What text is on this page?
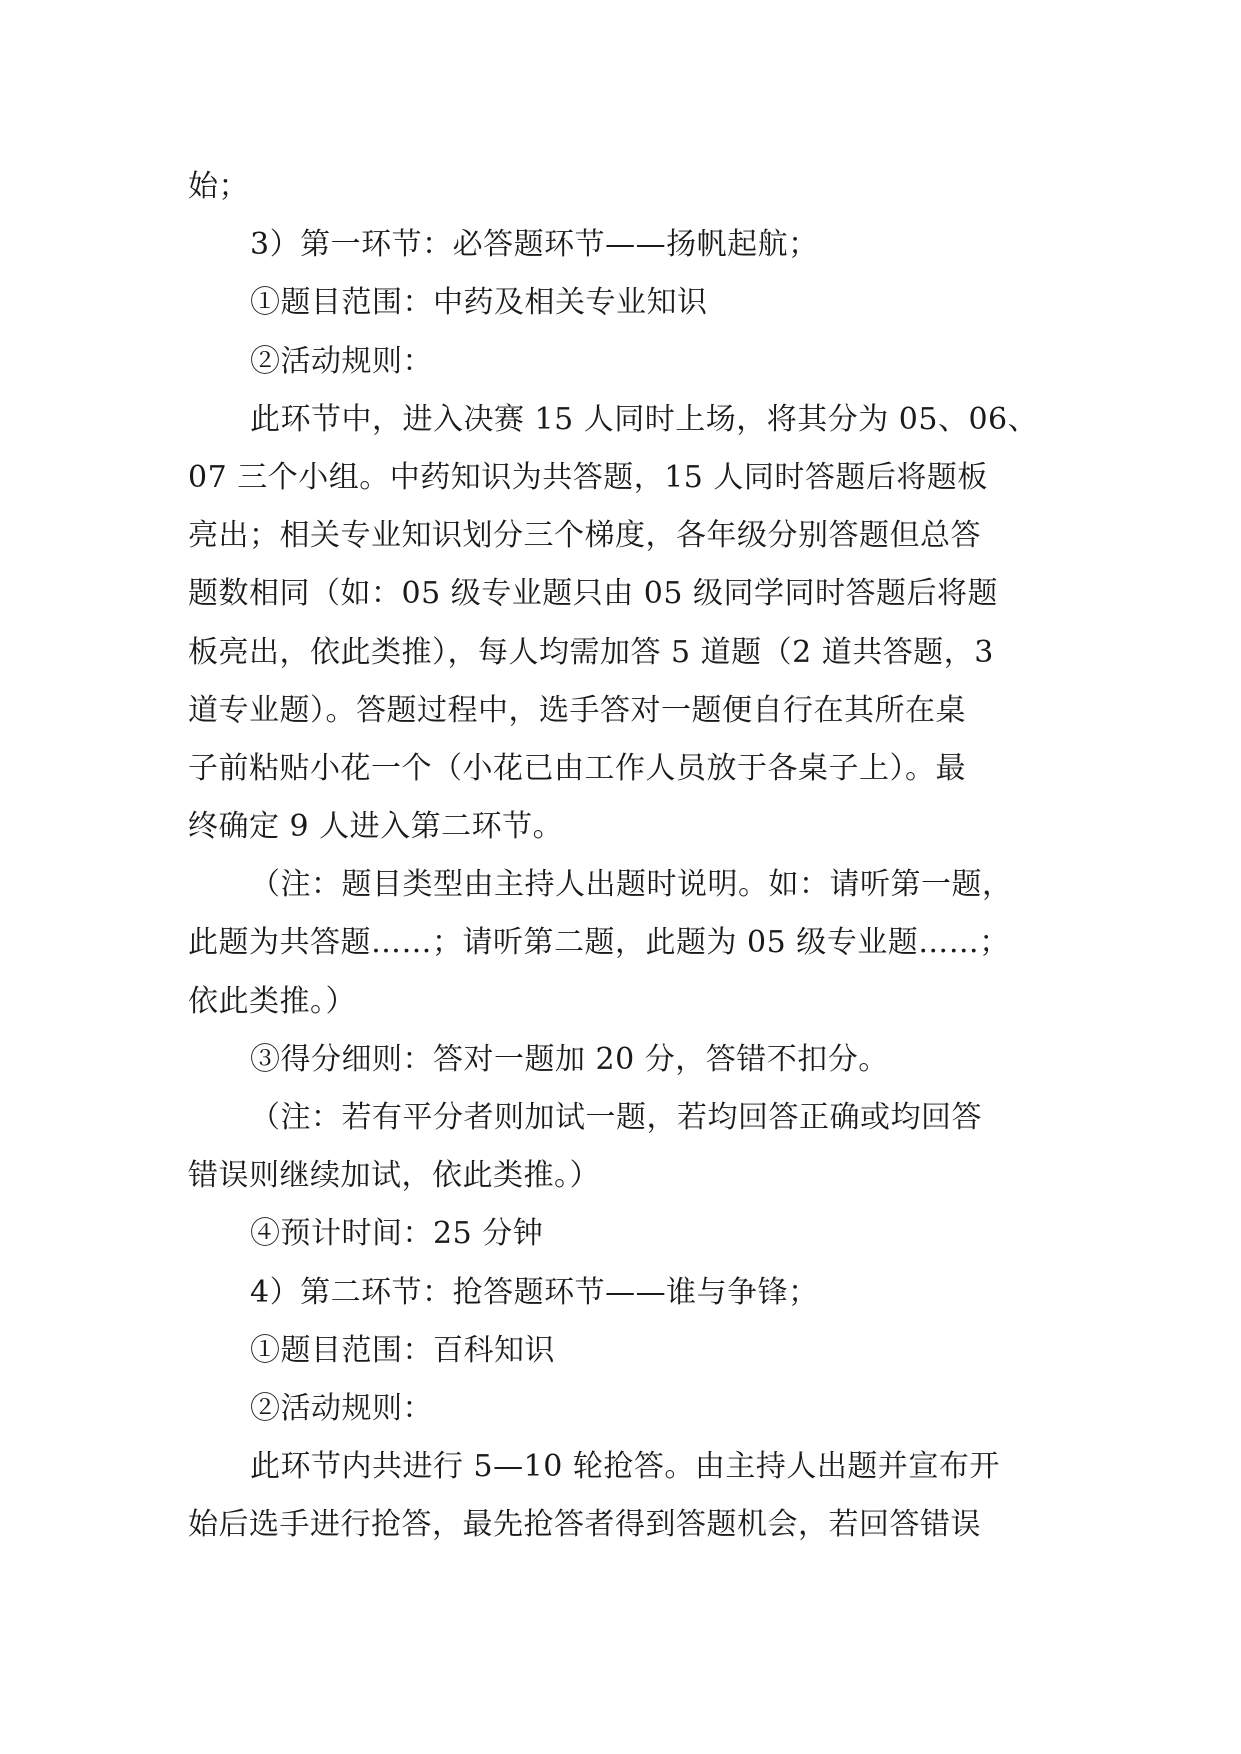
始；
3）第一环节：必答题环节——扬帆起航；
①题目范围：中药及相关专业知识
②活动规则：
此环节中，进入决赛 15 人同时上场，将其分为 05、06、
07 三个小组。中药知识为共答题，15 人同时答题后将题板
亮出；相关专业知识划分三个梯度，各年级分别答题但总答
题数相同（如：05 级专业题只由 05 级同学同时答题后将题
板亮出，依此类推），每人均需加答 5 道题（2 道共答题，3
道专业题）。答题过程中，选手答对一题便自行在其所在桌
子前粘贴小花一个（小花已由工作人员放于各桌子上）。最
终确定 9 人进入第二环节。
（注：题目类型由主持人出题时说明。如：请听第一题，
此题为共答题……；请听第二题，此题为 05 级专业题……；
依此类推。）
③得分细则：答对一题加 20 分，答错不扣分。
（注：若有平分者则加试一题，若均回答正确或均回答
错误则继续加试，依此类推。）
④预计时间：25 分钟
4）第二环节：抢答题环节——谁与争锋；
①题目范围：百科知识
②活动规则：
此环节内共进行 5—10 轮抢答。由主持人出题并宣布开
始后选手进行抢答，最先抢答者得到答题机会，若回答错误
